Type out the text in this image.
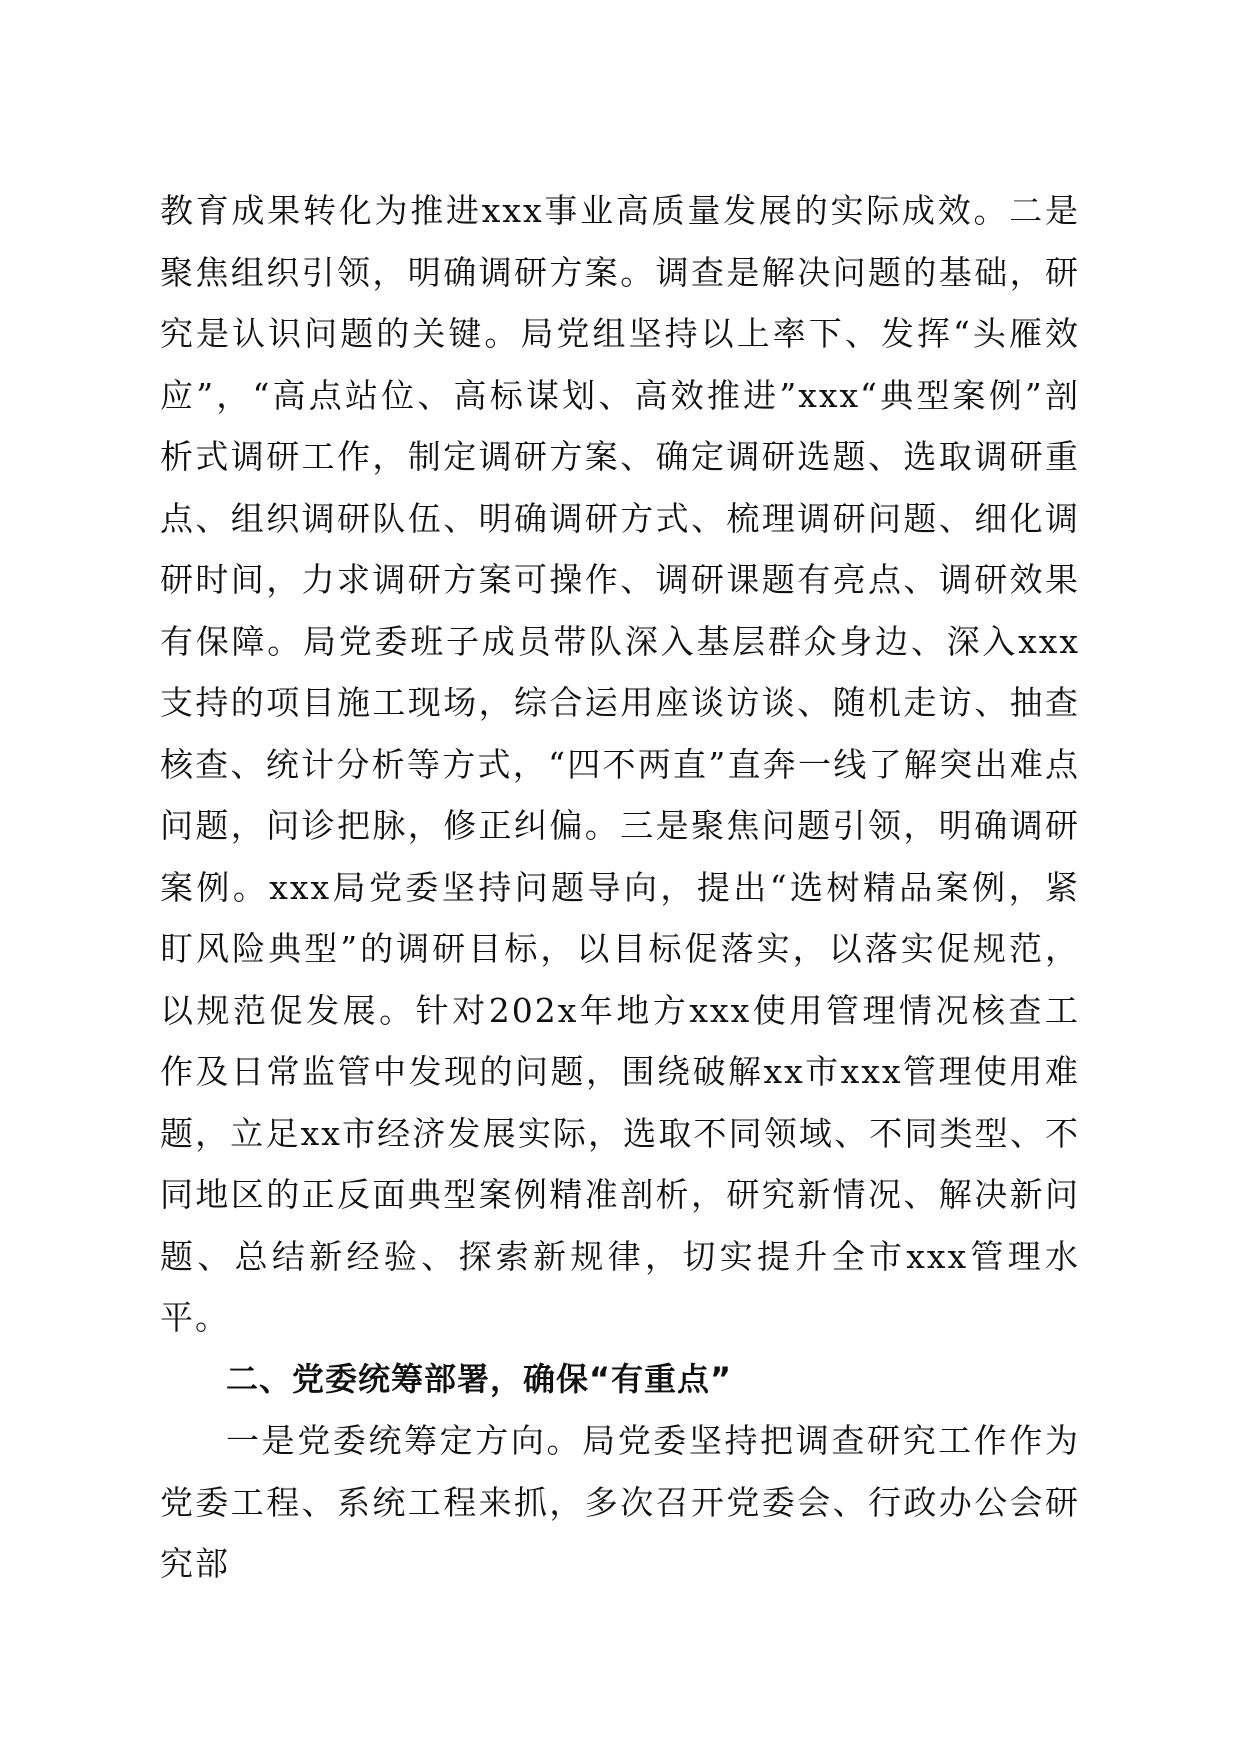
教育成果转化为推进xxx事业高质量发展的实际成效。二是聚焦组织引领，明确调研方案。调查是解决问题的基础，研究是认识问题的关键。局党组坚持以上率下、发挥“头雁效应”，“高点站位、高标谋划、高效推进”xxx“典型案例”剖析式调研工作，制定调研方案、确定调研选题、选取调研重点、组织调研队伍、明确调研方式、梳理调研问题、细化调研时间，力求调研方案可操作、调研课题有亮点、调研效果有保障。局党委班子成员带队深入基层群众身边、深入xxx支持的项目施工现场，综合运用座谈访谈、随机走访、抽查核查、统计分析等方式，“四不两直”直奔一线了解突出难点问题，问诊把脉，修正纠偏。三是聚焦问题引领，明确调研案例。xxx局党委坚持问题导向，提出“选树精品案例，紧盯风险典型”的调研目标，以目标促落实，以落实促规范，以规范促发展。针对202x年地方xxx使用管理情况核查工作及日常监管中发现的问题，围绕破解xx市xxx管理使用难题，立足xx市经济发展实际，选取不同领域、不同类型、不同地区的正反面典型案例精准剖析，研究新情况、解决新问题、总结新经验、探索新规律，切实提升全市xxx管理水平。

二、党委统筹部署，确保“有重点”

一是党委统筹定方向。局党委坚持把调查研究工作作为党委工程、系统工程来抓，多次召开党委会、行政办公会研究部
